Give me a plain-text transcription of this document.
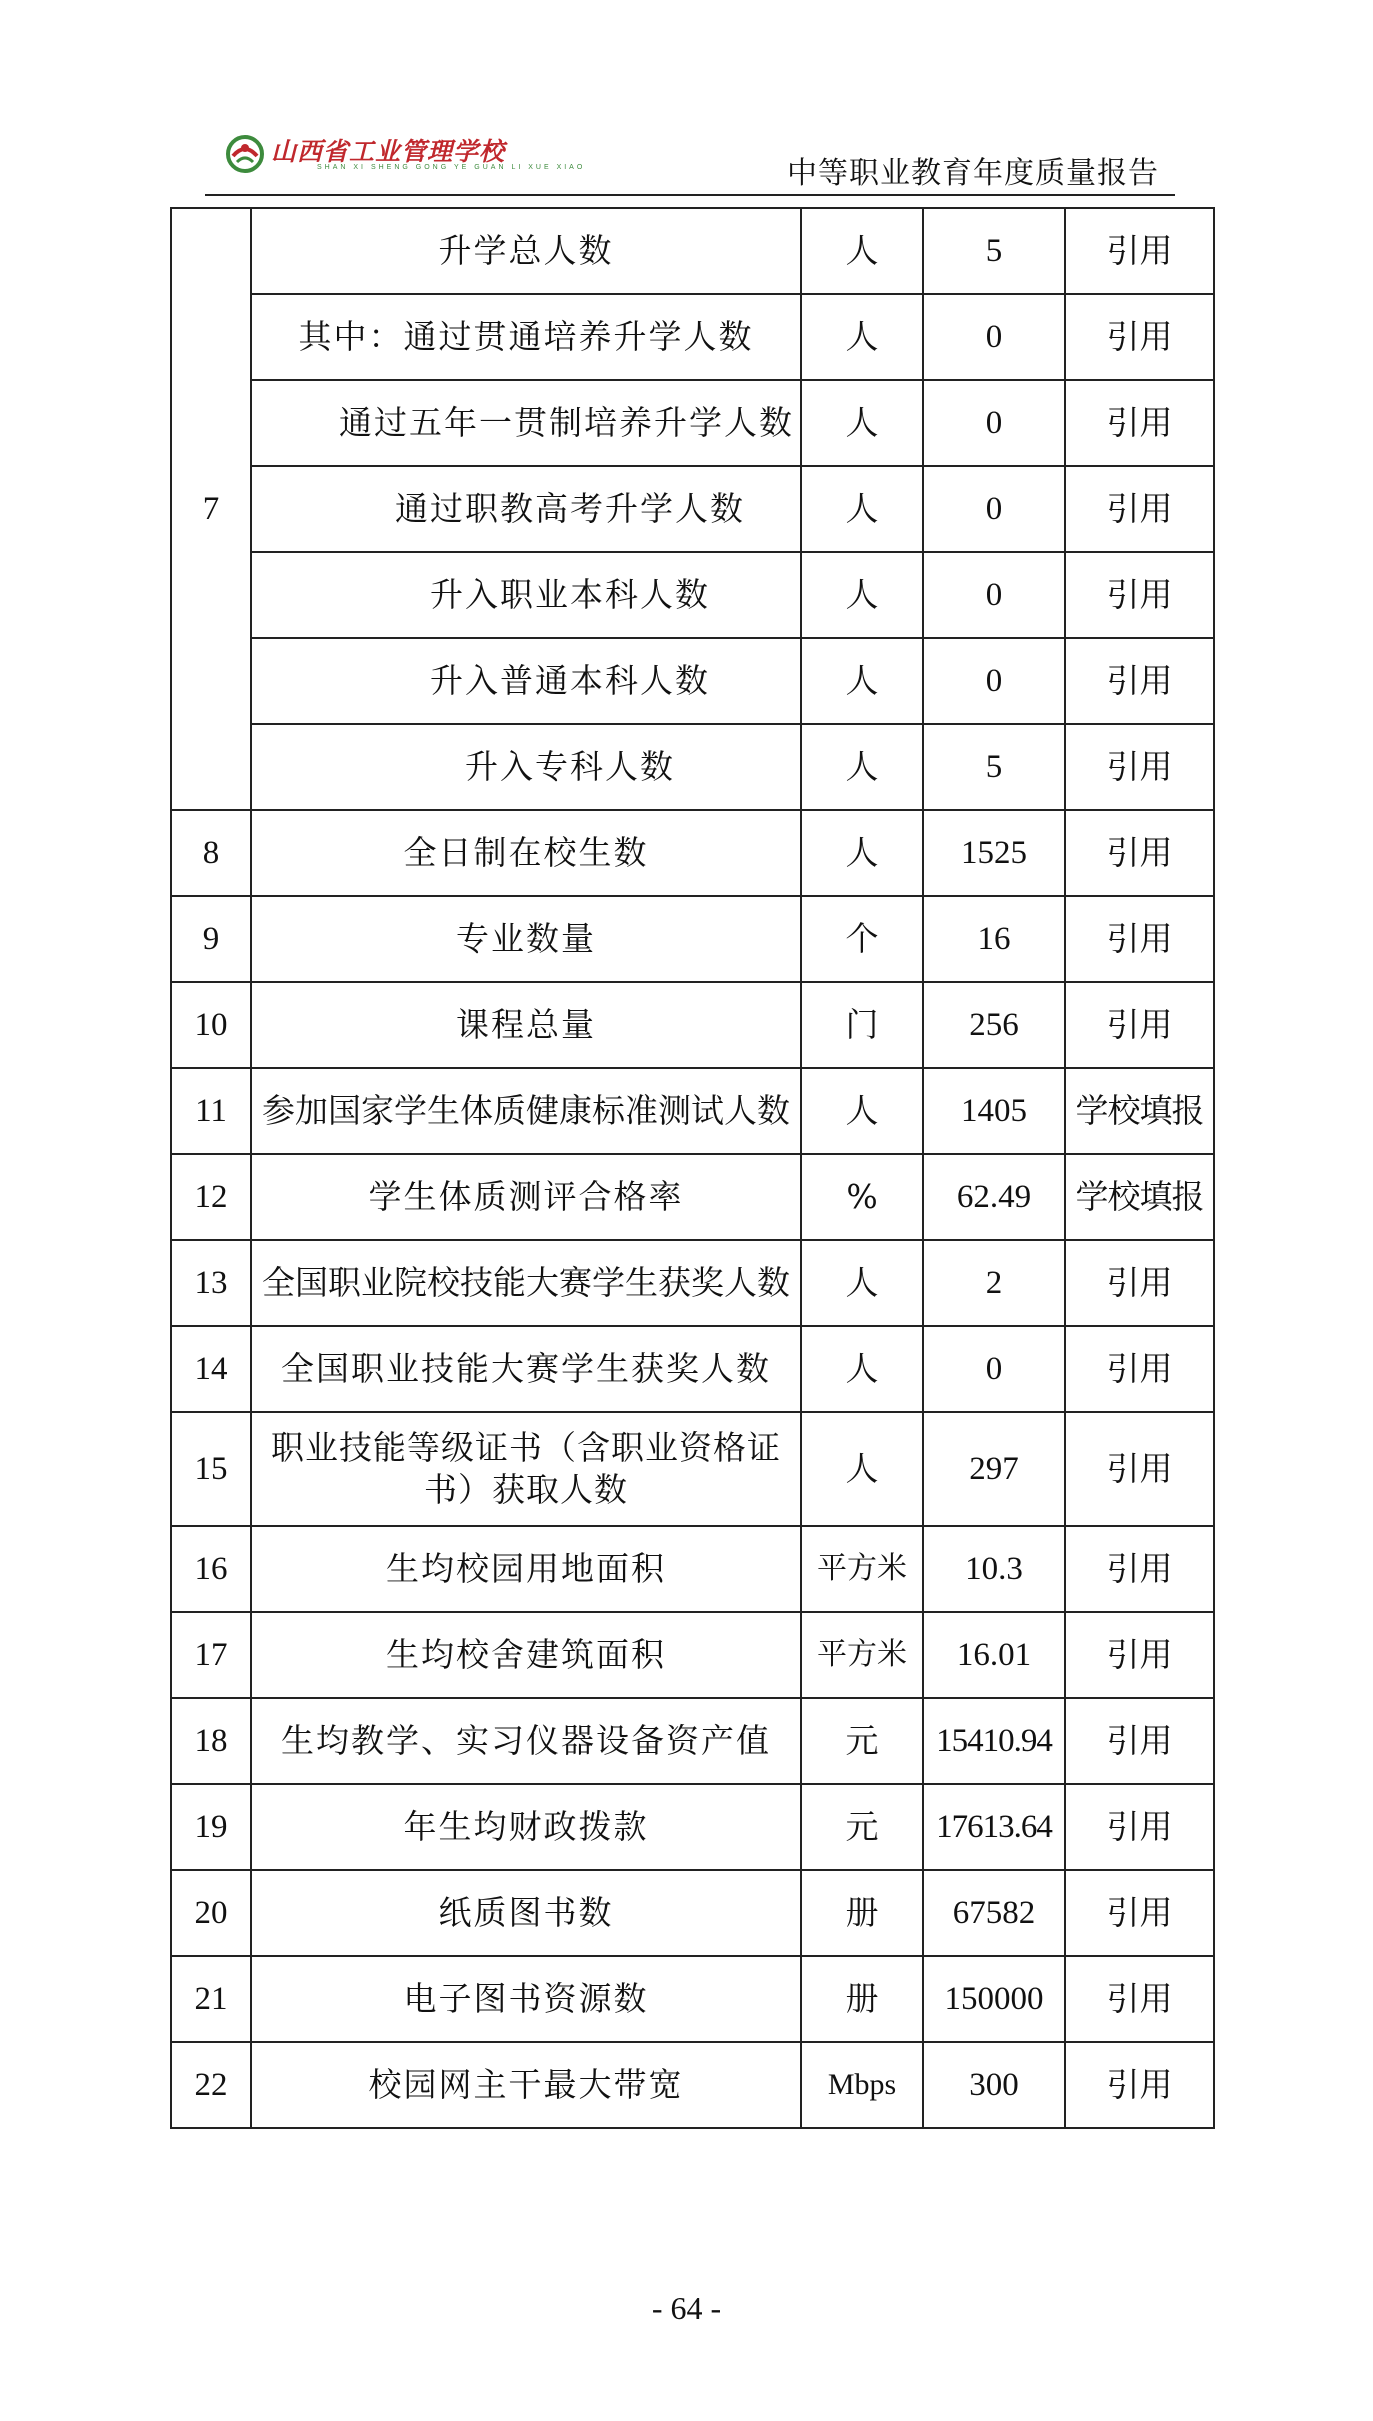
山西省工业管理学校
SHAN XI SHENG GONG YE GUAN LI XUE XIAO	中等职业教育年度质量报告
7	升学总人数	人	5	引用
	其中：通过贯通培养升学人数	人	0	引用
	通过五年一贯制培养升学人数	人	0	引用
	通过职教高考升学人数	人	0	引用
	升入职业本科人数	人	0	引用
	升入普通本科人数	人	0	引用
	升入专科人数	人	5	引用
8	全日制在校生数	人	1525	引用
9	专业数量	个	16	引用
10	课程总量	门	256	引用
11	参加国家学生体质健康标准测试人数	人	1405	学校填报
12	学生体质测评合格率	%	62.49	学校填报
13	全国职业院校技能大赛学生获奖人数	人	2	引用
14	全国职业技能大赛学生获奖人数	人	0	引用
15	职业技能等级证书（含职业资格证书）获取人数	人	297	引用
16	生均校园用地面积	平方米	10.3	引用
17	生均校舍建筑面积	平方米	16.01	引用
18	生均教学、实习仪器设备资产值	元	15410.94	引用
19	年生均财政拨款	元	17613.64	引用
20	纸质图书数	册	67582	引用
21	电子图书资源数	册	150000	引用
22	校园网主干最大带宽	Mbps	300	引用
- 64 -
